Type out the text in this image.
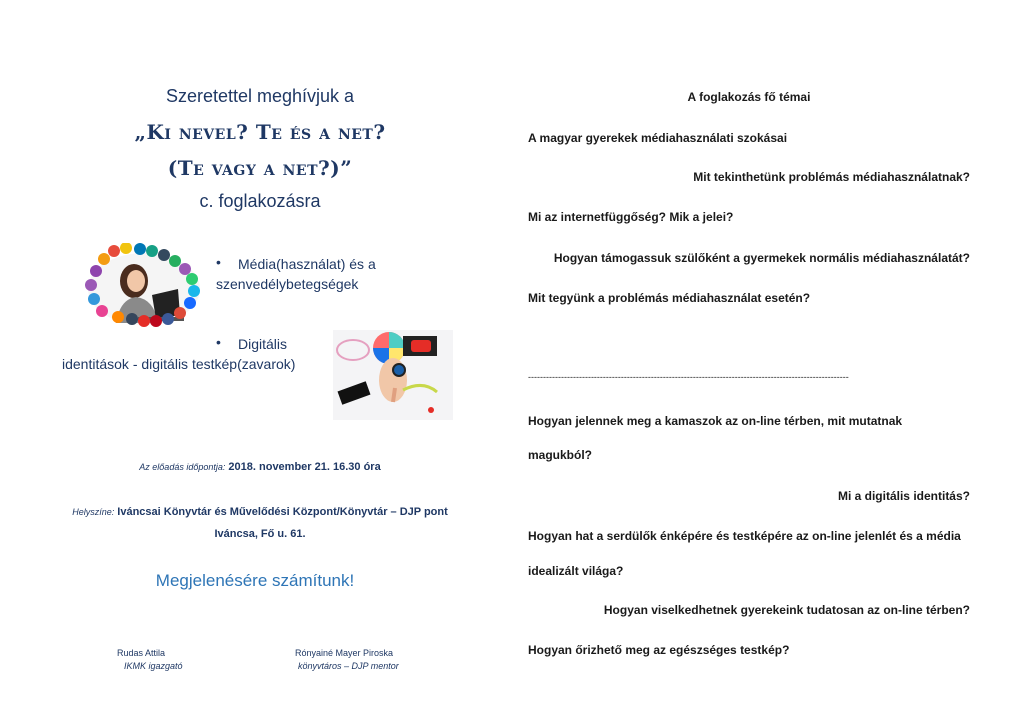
Szeretettel meghívjuk a
„Ki nevel? Te és a net?
(Te vagy a net?)”
c. foglakozásra
• Média(használat) és a
szenvedélybetegségek
• Digitális
identitások - digitális testkép(zavarok)
Az előadás időpontja: 2018. november 21. 16.30 óra
Helyszíne: Iváncsai Könyvtár és Művelődési Központ/Könyvtár – DJP pont
Iváncsa, Fő u. 61.
Megjelenésére számítunk!
Rudas Attila
IKMK igazgató
Rónyainé Mayer Piroska
könyvtáros – DJP mentor
A foglakozás fő témai
A magyar gyerekek médiahasználati szokásai
Mit tekinthetünk problémás médiahasználatnak?
Mi az internetfüggőség? Mik a jelei?
Hogyan támogassuk szülőként a gyermekek normális médiahasználatát?
Mit tegyünk a problémás médiahasználat esetén?
-----------------------------------------------------------------------------------------------------------
Hogyan jelennek meg a kamaszok az on-line térben, mit mutatnak
magukból?
Mi a digitális identitás?
Hogyan hat a serdülők énképére és testképére az on-line jelenlét és a média
idealizált világa?
Hogyan viselkedhetnek gyerekeink tudatosan az on-line térben?
Hogyan őrizhető meg az egészséges testkép?
